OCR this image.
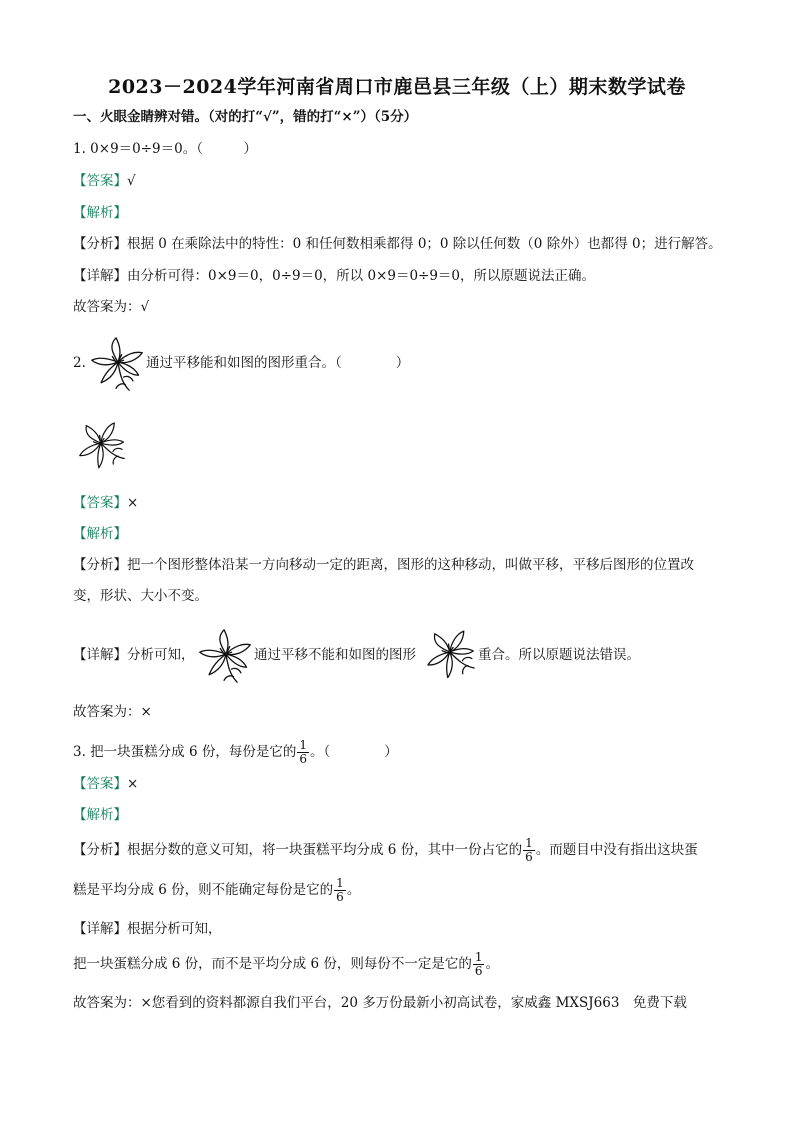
2023－2024学年河南省周口市鹿邑县三年级（上）期末数学试卷
一、火眼金睛辨对错。（对的打“√”，错的打“×”）（5分）
1. 0×9＝0÷9＝0。（　　　）
【答案】√
【解析】
【分析】根据 0 在乘除法中的特性：0 和任何数相乘都得 0；0 除以任何数（0 除外）也都得 0；进行解答。
【详解】由分析可得：0×9＝0，0÷9＝0，所以 0×9＝0÷9＝0，所以原题说法正确。
故答案为：√
2.	通过平移能和如图的图形重合。（　　　　）
【答案】×
【解析】
【分析】把一个图形整体沿某一方向移动一定的距离，图形的这种移动，叫做平移，平移后图形的位置改
变，形状、大小不变。
【详解】分析可知，	通过平移不能和如图的图形	重合。所以原题说法错误。
故答案为：×
3. 把一块蛋糕分成 6 份，每份是它的 $\frac{1}{6}$ 。（　　　　）
【答案】×
【解析】
【分析】根据分数的意义可知，将一块蛋糕平均分成 6 份，其中一份占它的 $\frac{1}{6}$ 。而题目中没有指出这块蛋
糕是平均分成 6 份，则不能确定每份是它的 $\frac{1}{6}$ 。
【详解】根据分析可知，
把一块蛋糕分成 6 份，而不是平均分成 6 份，则每份不一定是它的 $\frac{1}{6}$ 。
故答案为：×您看到的资料都源自我们平台，20 多万份最新小初高试卷，家威鑫 MXSJ663　免费下载
